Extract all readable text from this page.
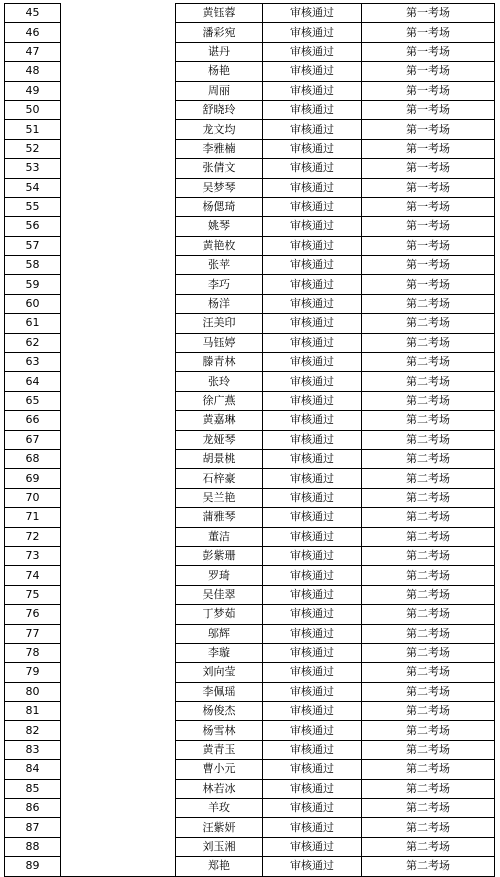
45		黄钰蓉	审核通过	第一考场
46		潘彩宛	审核通过	第一考场
47		谌丹	审核通过	第一考场
48		杨艳	审核通过	第一考场
49		周丽	审核通过	第一考场
50		舒晓玲	审核通过	第一考场
51		龙文均	审核通过	第一考场
52		李雅楠	审核通过	第一考场
53		张倩文	审核通过	第一考场
54		吴梦琴	审核通过	第一考场
55		杨偲琦	审核通过	第一考场
56		姚琴	审核通过	第一考场
57		黄艳枚	审核通过	第一考场
58		张苹	审核通过	第一考场
59		李巧	审核通过	第一考场
60		杨洋	审核通过	第二考场
61		汪美印	审核通过	第二考场
62		马钰婷	审核通过	第二考场
63		滕青林	审核通过	第二考场
64		张玲	审核通过	第二考场
65		徐广燕	审核通过	第二考场
66		黄嘉琳	审核通过	第二考场
67		龙娅琴	审核通过	第二考场
68		胡景桃	审核通过	第二考场
69		石梓豪	审核通过	第二考场
70		吴兰艳	审核通过	第二考场
71		蒲雅琴	审核通过	第二考场
72		董洁	审核通过	第二考场
73		彭紫珊	审核通过	第二考场
74		罗琦	审核通过	第二考场
75		吴佳翠	审核通过	第二考场
76		丁梦茹	审核通过	第二考场
77		邬辉	审核通过	第二考场
78		李璇	审核通过	第二考场
79		刘向莹	审核通过	第二考场
80		李佩瑶	审核通过	第二考场
81		杨俊杰	审核通过	第二考场
82		杨雪林	审核通过	第二考场
83		黄青玉	审核通过	第二考场
84		曹小元	审核通过	第二考场
85		林若冰	审核通过	第二考场
86		羊玫	审核通过	第二考场
87		汪紫妍	审核通过	第二考场
88		刘玉湘	审核通过	第二考场
89		郑艳	审核通过	第二考场
